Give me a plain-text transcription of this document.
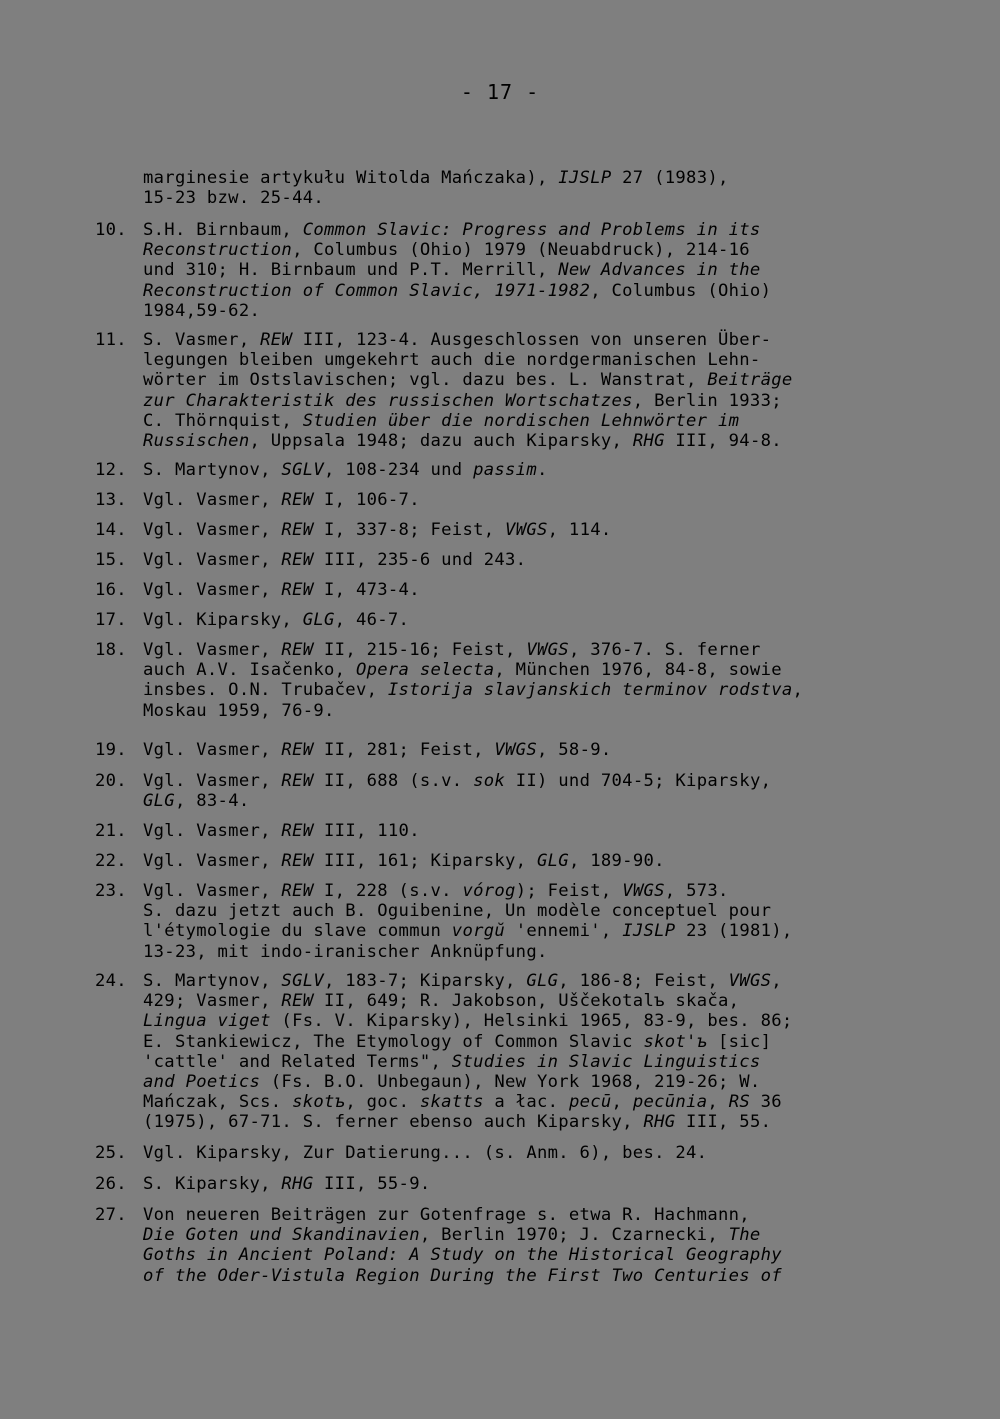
- 17 -
marginesie artykułu Witolda Mańczaka), IJSLP 27 (1983),
15-23 bzw. 25-44.
10. S.H. Birnbaum, Common Slavic: Progress and Problems in its
Reconstruction, Columbus (Ohio) 1979 (Neuabdruck), 214-16
und 310; H. Birnbaum und P.T. Merrill, New Advances in the
Reconstruction of Common Slavic, 1971-1982, Columbus (Ohio)
1984,59-62.
11. S. Vasmer, REW III, 123-4. Ausgeschlossen von unseren Über-
legungen bleiben umgekehrt auch die nordgermanischen Lehn-
wörter im Ostslavischen; vgl. dazu bes. L. Wanstrat, Beiträge
zur Charakteristik des russischen Wortschatzes, Berlin 1933;
C. Thörnquist, Studien über die nordischen Lehnwörter im
Russischen, Uppsala 1948; dazu auch Kiparsky, RHG III, 94-8.
12. S. Martynov, SGLV, 108-234 und passim.
13. Vgl. Vasmer, REW I, 106-7.
14. Vgl. Vasmer, REW I, 337-8; Feist, VWGS, 114.
15. Vgl. Vasmer, REW III, 235-6 und 243.
16. Vgl. Vasmer, REW I, 473-4.
17. Vgl. Kiparsky, GLG, 46-7.
18. Vgl. Vasmer, REW II, 215-16; Feist, VWGS, 376-7. S. ferner
auch A.V. Isačenko, Opera selecta, München 1976, 84-8, sowie
insbes. O.N. Trubačev, Istorija slavjanskich terminov rodstva,
Moskau 1959, 76-9.
19. Vgl. Vasmer, REW II, 281; Feist, VWGS, 58-9.
20. Vgl. Vasmer, REW II, 688 (s.v. sok II) und 704-5; Kiparsky,
GLG, 83-4.
21. Vgl. Vasmer, REW III, 110.
22. Vgl. Vasmer, REW III, 161; Kiparsky, GLG, 189-90.
23. Vgl. Vasmer, REW I, 228 (s.v. vórog); Feist, VWGS, 573.
S. dazu jetzt auch B. Oguibenine, Un modèle conceptuel pour
l'étymologie du slave commun vorgŭ 'ennemi', IJSLP 23 (1981),
13-23, mit indo-iranischer Anknüpfung.
24. S. Martynov, SGLV, 183-7; Kiparsky, GLG, 186-8; Feist, VWGS,
429; Vasmer, REW II, 649; R. Jakobson, Uščekotalъ skača,
Lingua viget (Fs. V. Kiparsky), Helsinki 1965, 83-9, bes. 86;
E. Stankiewicz, The Etymology of Common Slavic skot'ъ [sic]
'cattle' and Related Terms", Studies in Slavic Linguistics
and Poetics (Fs. B.O. Unbegaun), New York 1968, 219-26; W.
Mańczak, Scs. skotъ, goc. skatts a łac. pecū, pecūnia, RS 36
(1975), 67-71. S. ferner ebenso auch Kiparsky, RHG III, 55.
25. Vgl. Kiparsky, Zur Datierung... (s. Anm. 6), bes. 24.
26. S. Kiparsky, RHG III, 55-9.
27. Von neueren Beiträgen zur Gotenfrage s. etwa R. Hachmann,
Die Goten und Skandinavien, Berlin 1970; J. Czarnecki, The
Goths in Ancient Poland: A Study on the Historical Geography
of the Oder-Vistula Region During the First Two Centuries of
